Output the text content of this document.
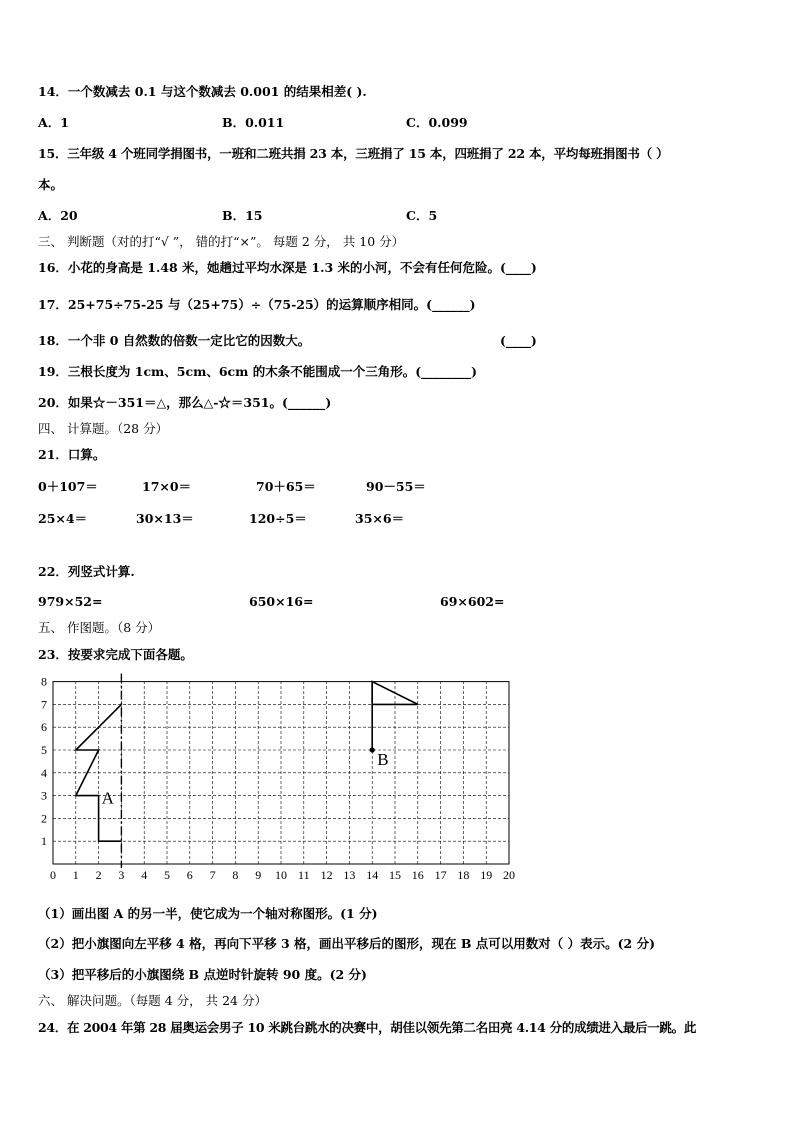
14．一个数减去 0.1 与这个数减去 0.001 的结果相差( ).
A．1	B．0.011	C．0.099
15．三年级 4 个班同学捐图书，一班和二班共捐 23 本，三班捐了 15 本，四班捐了 22 本，平均每班捐图书（ ）
本。
A．20	B．15	C．5
三、 判断题（对的打“√ ”， 错的打“×”。 每题 2 分， 共 10 分）
16．小花的身高是 1.48 米，她趟过平均水深是 1.3 米的小河，不会有任何危险。(____)
17．25+75÷75-25 与（25+75）÷（75-25）的运算顺序相同。(______)
18．一个非 0 自然数的倍数一定比它的因数大。	(____)
19．三根长度为 1cm、5cm、6cm 的木条不能围成一个三角形。(________)
20．如果☆－351＝△，那么△-☆＝351。(______)
四、 计算题。（28 分）
21．口算。
0＋107＝	17×0＝	70＋65＝	90－55＝
25×4＝	30×13＝	120÷5＝	35×6＝
22．列竖式计算.
979×52=	650×16=	69×602=
五、 作图题。（8 分）
23．按要求完成下面各题。
0 1 2 3 4 5 6 7 8 9 10 11 12 13 14 15 16 17 18 19 20
1
2
3
4
5
6
7
8
A
B
（1）画出图 A 的另一半，使它成为一个轴对称图形。(1 分)
（2）把小旗图向左平移 4 格，再向下平移 3 格，画出平移后的图形，现在 B 点可以用数对（ ）表示。(2 分)
（3）把平移后的小旗图绕 B 点逆时针旋转 90 度。(2 分)
六、 解决问题。（每题 4 分， 共 24 分）
24．在 2004 年第 28 届奥运会男子 10 米跳台跳水的决赛中，胡佳以领先第二名田亮 4.14 分的成绩进入最后一跳。此
